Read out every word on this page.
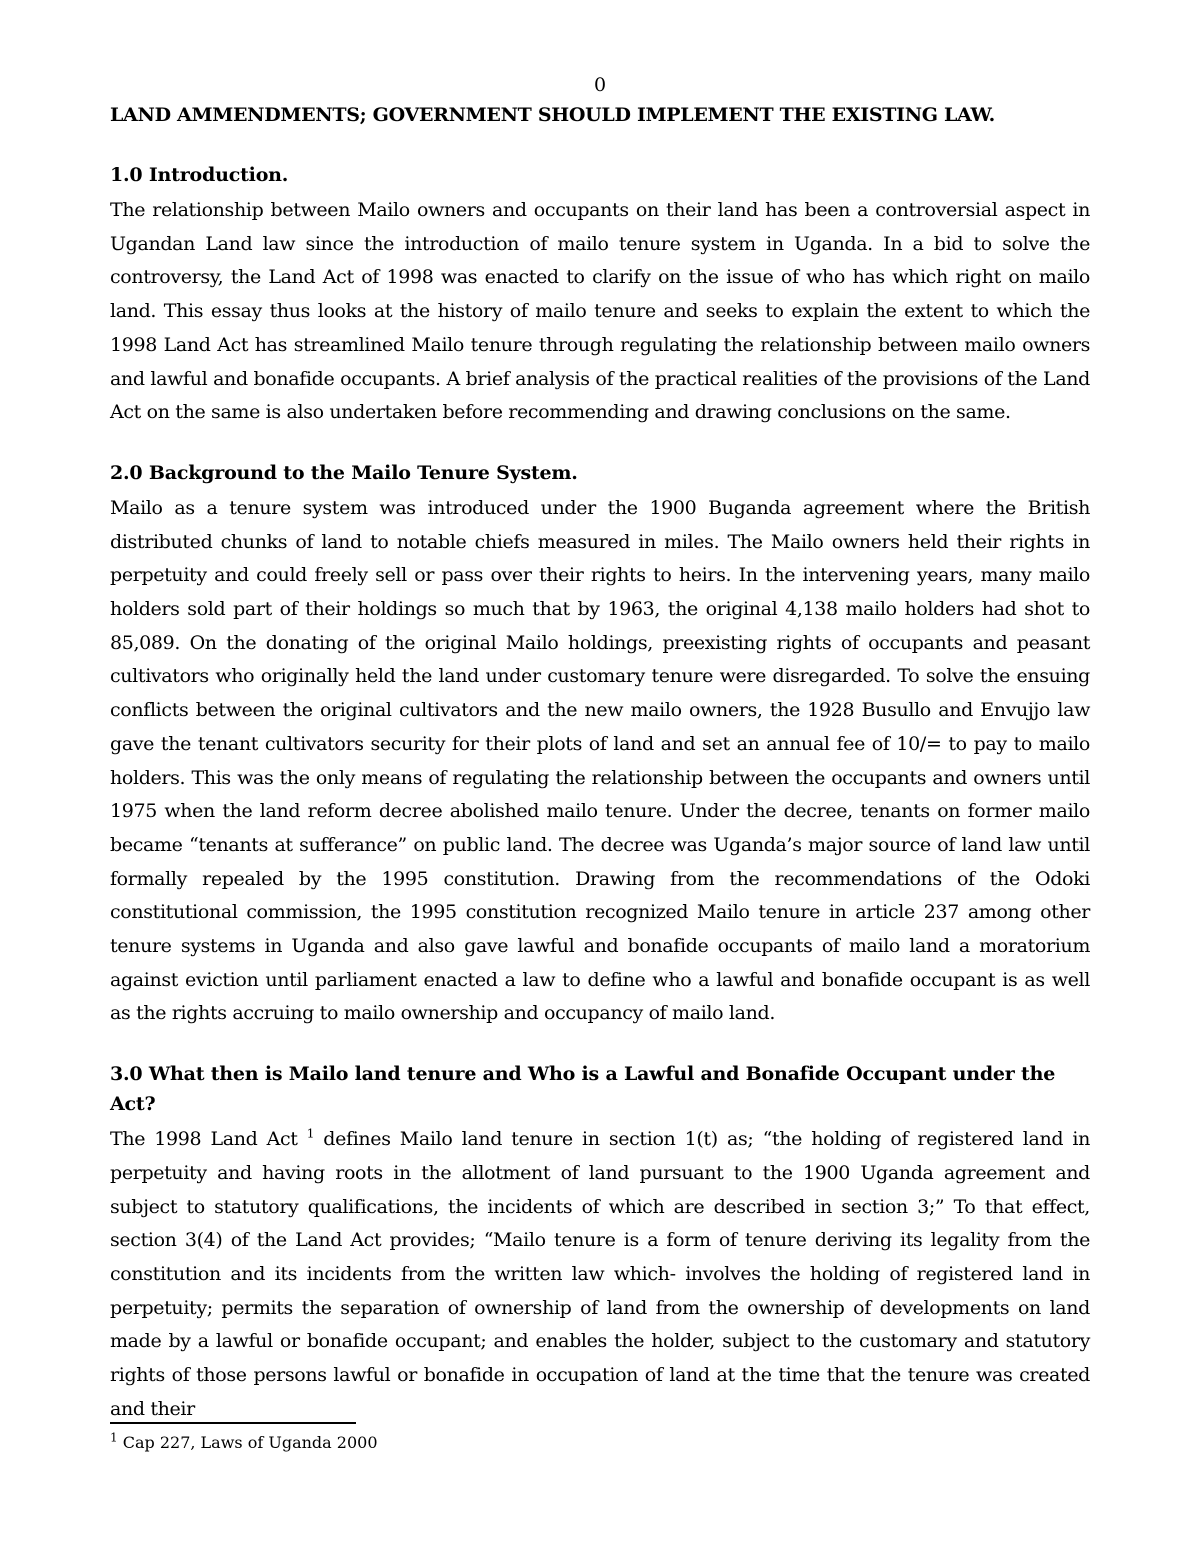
0
LAND AMMENDMENTS; GOVERNMENT SHOULD IMPLEMENT THE EXISTING LAW.
1.0 Introduction.

The relationship between Mailo owners and occupants on their land has been a controversial aspect in Ugandan Land law since the introduction of mailo tenure system in Uganda. In a bid to solve the controversy, the Land Act of 1998 was enacted to clarify on the issue of who has which right on mailo land. This essay thus looks at the history of mailo tenure and seeks to explain the extent to which the 1998 Land Act has streamlined Mailo tenure through regulating the relationship between mailo owners and lawful and bonafide occupants. A brief analysis of the practical realities of the provisions of the Land Act on the same is also undertaken before recommending and drawing conclusions on the same.

2.0 Background to the Mailo Tenure System.

Mailo as a tenure system was introduced under the 1900 Buganda agreement where the British distributed chunks of land to notable chiefs measured in miles. The Mailo owners held their rights in perpetuity and could freely sell or pass over their rights to heirs. In the intervening years, many mailo holders sold part of their holdings so much that by 1963, the original 4,138 mailo holders had shot to 85,089. On the donating of the original Mailo holdings, preexisting rights of occupants and peasant cultivators who originally held the land under customary tenure were disregarded. To solve the ensuing conflicts between the original cultivators and the new mailo owners, the 1928 Busullo and Envujjo law gave the tenant cultivators security for their plots of land and set an annual fee of 10/= to pay to mailo holders. This was the only means of regulating the relationship between the occupants and owners until 1975 when the land reform decree abolished mailo tenure. Under the decree, tenants on former mailo became “tenants at sufferance” on public land. The decree was Uganda’s major source of land law until formally repealed by the 1995 constitution. Drawing from the recommendations of the Odoki constitutional commission, the 1995 constitution recognized Mailo tenure in article 237 among other tenure systems in Uganda and also gave lawful and bonafide occupants of mailo land a moratorium against eviction until parliament enacted a law to define who a lawful and bonafide occupant is as well as the rights accruing to mailo ownership and occupancy of mailo land.

3.0 What then is Mailo land tenure and Who is a Lawful and Bonafide Occupant under the Act?

The 1998 Land Act $^1$ defines Mailo land tenure in section 1(t) as; “the holding of registered land in perpetuity and having roots in the allotment of land pursuant to the 1900 Uganda agreement and subject to statutory qualifications, the incidents of which are described in section 3;” To that effect, section 3(4) of the Land Act provides; “Mailo tenure is a form of tenure deriving its legality from the constitution and its incidents from the written law which- involves the holding of registered land in perpetuity; permits the separation of ownership of land from the ownership of developments on land made by a lawful or bonafide occupant; and enables the holder, subject to the customary and statutory rights of those persons lawful or bonafide in occupation of land at the time that the tenure was created and their

$^1$ Cap 227, Laws of Uganda 2000
